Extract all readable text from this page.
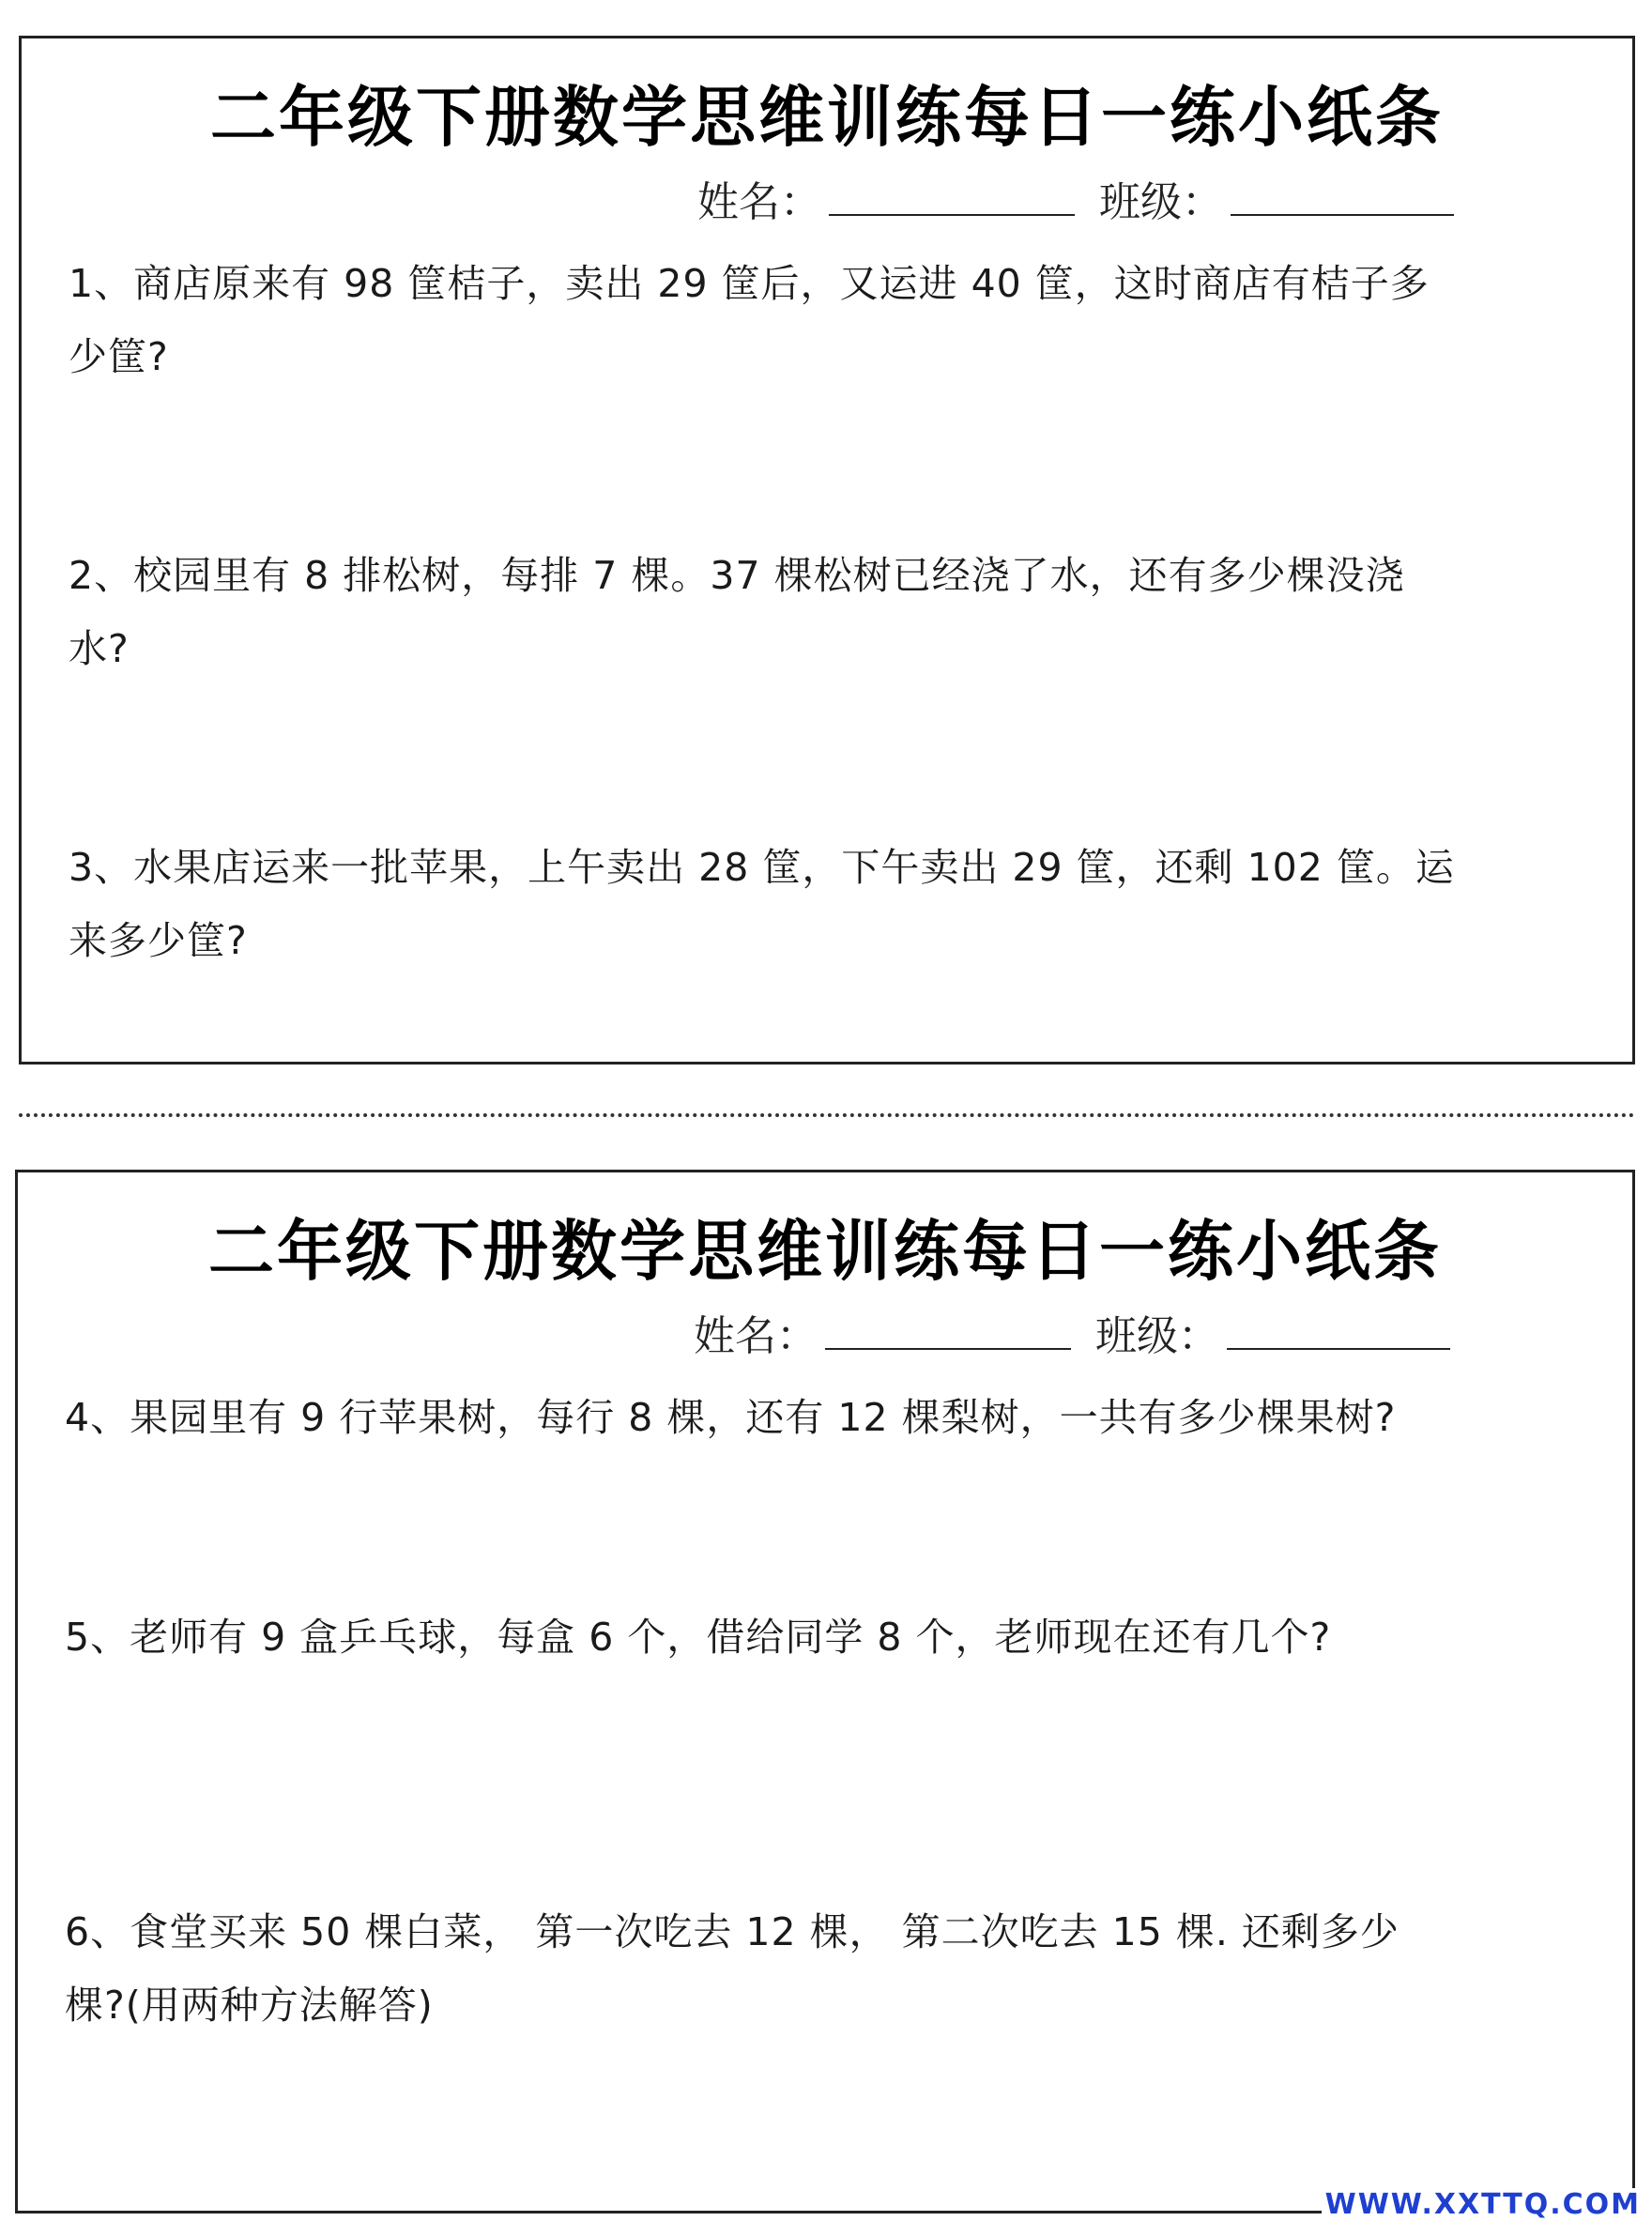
二年级下册数学思维训练每日一练小纸条
姓名：	班级：
1、商店原来有 98 筐桔子，卖出 29 筐后，又运进 40 筐，这时商店有桔子多
少筐?
2、校园里有 8 排松树，每排 7 棵。37 棵松树已经浇了水，还有多少棵没浇
水?
3、水果店运来一批苹果，上午卖出 28 筐，下午卖出 29 筐，还剩 102 筐。运
来多少筐?
二年级下册数学思维训练每日一练小纸条
姓名：	班级：
4、果园里有 9 行苹果树，每行 8 棵，还有 12 棵梨树，一共有多少棵果树?
5、老师有 9 盒乒乓球，每盒 6 个，借给同学 8 个，老师现在还有几个?
6、食堂买来 50 棵白菜， 第一次吃去 12 棵， 第二次吃去 15 棵. 还剩多少
棵?(用两种方法解答)
WWW.XXTTQ.COM
